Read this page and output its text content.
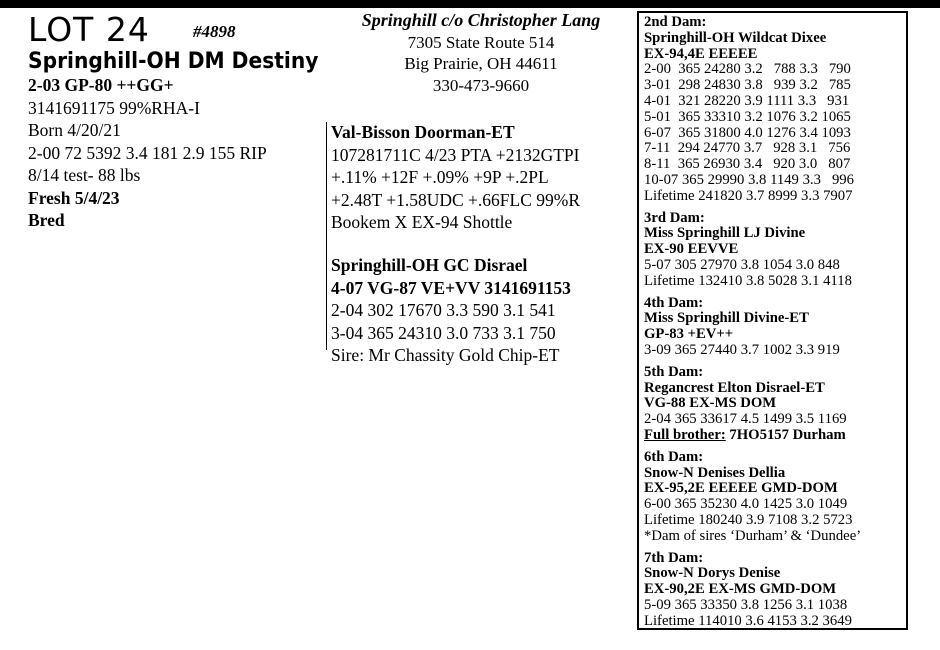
LOT 24	#4898
Springhill-OH DM Destiny
2-03 GP-80 ++GG+
3141691175 99%RHA-I
Born 4/20/21
2-00 72 5392 3.4 181 2.9 155 RIP
8/14 test- 88 lbs
Fresh 5/4/23
Bred
Springhill c/o Christopher Lang
7305 State Route 514
Big Prairie, OH 44611
330-473-9660
Val-Bisson Doorman-ET
107281711C 4/23 PTA +2132GTPI
+.11% +12F +.09% +9P +.2PL
+2.48T +1.58UDC +.66FLC 99%R
Bookem X EX-94 Shottle
Springhill-OH GC Disrael
4-07 VG-87 VE+VV 3141691153
2-04 302 17670 3.3 590 3.1 541
3-04 365 24310 3.0 733 3.1 750
Sire: Mr Chassity Gold Chip-ET
2nd Dam:
Springhill-OH Wildcat Dixee
EX-94,4E EEEEE
2-00  365 24280 3.2   788 3.3   790
3-01  298 24830 3.8   939 3.2   785
4-01  321 28220 3.9 1111 3.3   931
5-01  365 33310 3.2 1076 3.2 1065
6-07  365 31800 4.0 1276 3.4 1093
7-11  294 24770 3.7   928 3.1   756
8-11  365 26930 3.4   920 3.0   807
10-07 365 29990 3.8 1149 3.3   996
Lifetime 241820 3.7 8999 3.3 7907
3rd Dam:
Miss Springhill LJ Divine
EX-90 EEVVE
5-07 305 27970 3.8 1054 3.0 848
Lifetime 132410 3.8 5028 3.1 4118
4th Dam:
Miss Springhill Divine-ET
GP-83 +EV++
3-09 365 27440 3.7 1002 3.3 919
5th Dam:
Regancrest Elton Disrael-ET
VG-88 EX-MS DOM
2-04 365 33617 4.5 1499 3.5 1169
Full brother: 7HO5157 Durham
6th Dam:
Snow-N Denises Dellia
EX-95,2E EEEEE GMD-DOM
6-00 365 35230 4.0 1425 3.0 1049
Lifetime 180240 3.9 7108 3.2 5723
*Dam of sires ‘Durham’ & ‘Dundee’
7th Dam:
Snow-N Dorys Denise
EX-90,2E EX-MS GMD-DOM
5-09 365 33350 3.8 1256 3.1 1038
Lifetime 114010 3.6 4153 3.2 3649
